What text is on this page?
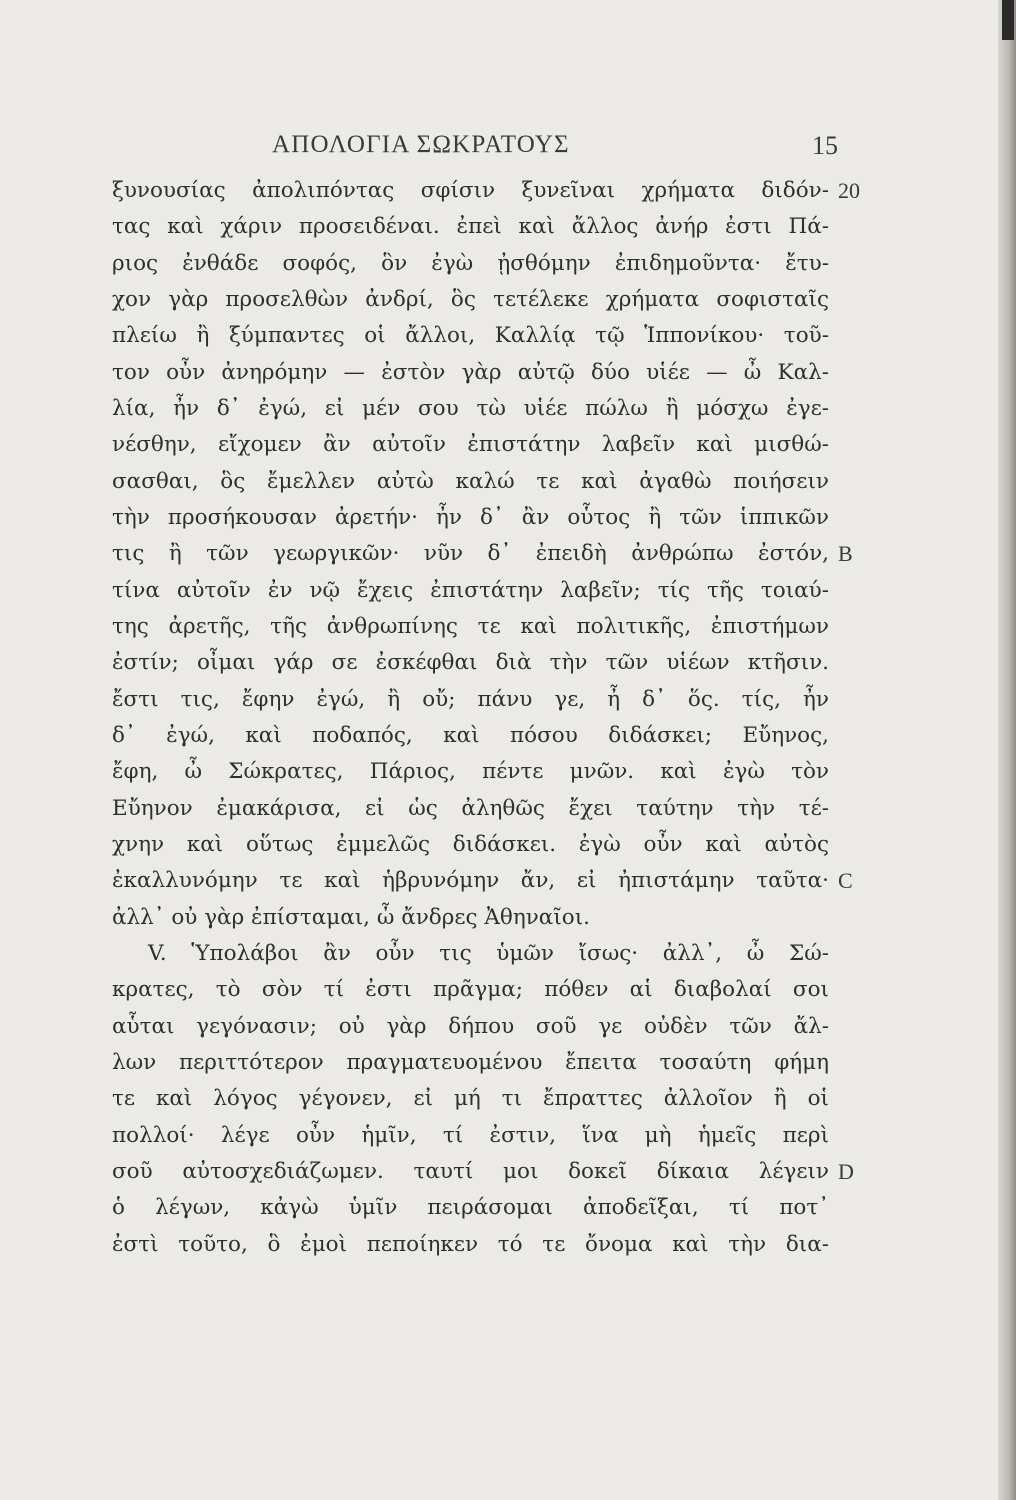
ΑΠΟΛΟΓΙΑ ΣΩΚΡΑΤΟΥΣ	15
ξυνουσίας ἀπολιπόντας σφίσιν ξυνεῖναι χρήματα διδόν-
τας καὶ χάριν προσειδέναι. ἐπεὶ καὶ ἄλλος ἀνήρ ἐστι Πά-
ριος ἐνθάδε σοφός, ὃν ἐγὼ ᾐσθόμην ἐπιδημοῦντα· ἔτυ-
χον γὰρ προσελθὼν ἀνδρί, ὃς τετέλεκε χρήματα σοφισταῖς
πλείω ἢ ξύμπαντες οἱ ἄλλοι, Καλλίᾳ τῷ Ἱππονίκου· τοῦ-
τον οὖν ἀνηρόμην — ἐστὸν γὰρ αὐτῷ δύο υἱέε — ὦ Καλ-
λία, ἦν δ᾽ ἐγώ, εἰ μέν σου τὼ υἱέε πώλω ἢ μόσχω ἐγε-
νέσθην, εἴχομεν ἂν αὐτοῖν ἐπιστάτην λαβεῖν καὶ μισθώ-
σασθαι, ὃς ἔμελλεν αὐτὼ καλώ τε καὶ ἀγαθὼ ποιήσειν
τὴν προσήκουσαν ἀρετήν· ἦν δ᾽ ἂν οὗτος ἢ τῶν ἱππικῶν
τις ἢ τῶν γεωργικῶν· νῦν δ᾽ ἐπειδὴ ἀνθρώπω ἐστόν,
τίνα αὐτοῖν ἐν νῷ ἔχεις ἐπιστάτην λαβεῖν; τίς τῆς τοιαύ-
της ἀρετῆς, τῆς ἀνθρωπίνης τε καὶ πολιτικῆς, ἐπιστήμων
ἐστίν; οἶμαι γάρ σε ἐσκέφθαι διὰ τὴν τῶν υἱέων κτῆσιν.
ἔστι τις, ἔφην ἐγώ, ἢ οὔ; πάνυ γε, ἦ δ᾽ ὅς. τίς, ἦν
δ᾽ ἐγώ, καὶ ποδαπός, καὶ πόσου διδάσκει; Εὔηνος,
ἔφη, ὦ Σώκρατες, Πάριος, πέντε μνῶν. καὶ ἐγὼ τὸν
Εὔηνον ἐμακάρισα, εἰ ὡς ἀληθῶς ἔχει ταύτην τὴν τέ-
χνην καὶ οὕτως ἐμμελῶς διδάσκει. ἐγὼ οὖν καὶ αὐτὸς
ἐκαλλυνόμην τε καὶ ἡβρυνόμην ἄν, εἰ ἠπιστάμην ταῦτα·
ἀλλ᾽ οὐ γὰρ ἐπίσταμαι, ὦ ἄνδρες Ἀθηναῖοι.
V. Ὑπολάβοι ἂν οὖν τις ὑμῶν ἴσως· ἀλλ᾽, ὦ Σώ-
κρατες, τὸ σὸν τί ἐστι πρᾶγμα; πόθεν αἱ διαβολαί σοι
αὗται γεγόνασιν; οὐ γὰρ δήπου σοῦ γε οὐδὲν τῶν ἄλ-
λων περιττότερον πραγματευομένου ἔπειτα τοσαύτη φήμη
τε καὶ λόγος γέγονεν, εἰ μή τι ἔπραττες ἀλλοῖον ἢ οἱ
πολλοί· λέγε οὖν ἡμῖν, τί ἐστιν, ἵνα μὴ ἡμεῖς περὶ
σοῦ αὐτοσχεδιάζωμεν. ταυτί μοι δοκεῖ δίκαια λέγειν
ὁ λέγων, κἀγὼ ὑμῖν πειράσομαι ἀποδεῖξαι, τί ποτ᾽
ἐστὶ τοῦτο, ὃ ἐμοὶ πεποίηκεν τό τε ὄνομα καὶ τὴν δια-
20
B
C
D
